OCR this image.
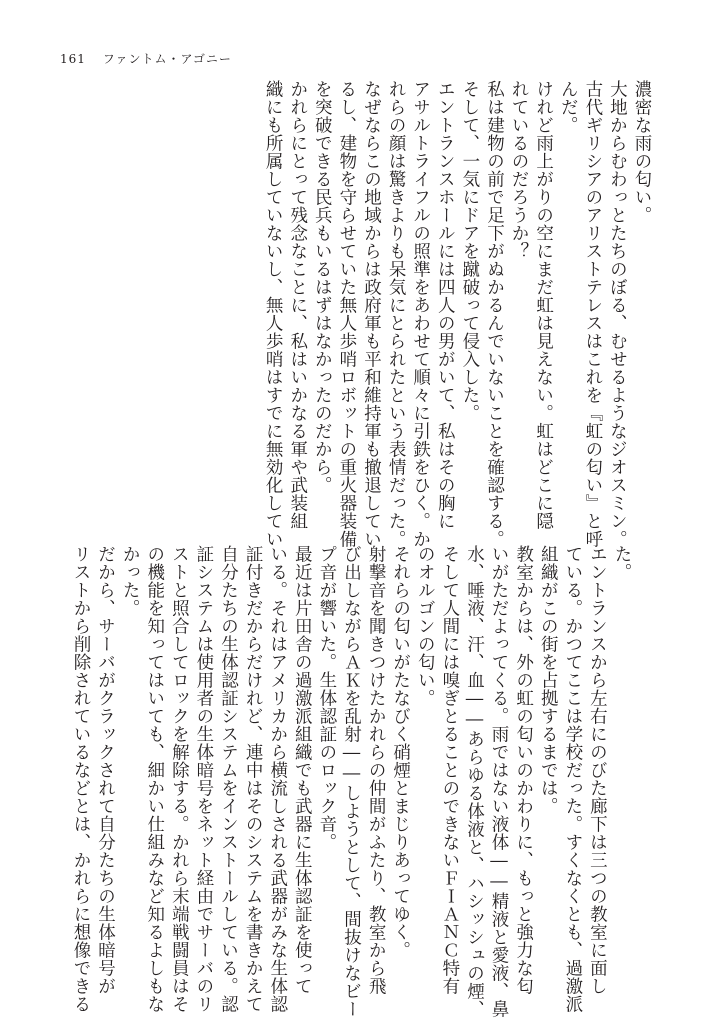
161 ファントム・アゴニー
濃密な雨の匂い。
大地からむわっとたちのぼる、むせるようなジオスミン。
古代ギリシアのアリストテレスはこれを『虹の匂い』と呼
んだ。
けれど雨上がりの空にまだ虹は見えない。虹はどこに隠
れているのだろうか？
私は建物の前で足下がぬかるんでいないことを確認する。
そして、一気にドアを蹴破って侵入した。
エントランスホールには四人の男がいて、私はその胸に
アサルトライフルの照準をあわせて順々に引鉄をひく。か
れらの顔は驚きよりも呆気にとられたという表情だった。
なぜならこの地域からは政府軍も平和維持軍も撤退してい
るし、建物を守らせていた無人歩哨ロボットの重火器装備
を突破できる民兵もいるはずはなかったのだから。
かれらにとって残念なことに、私はいかなる軍や武装組
織にも所属していないし、無人歩哨はすでに無効化してい
た。
エントランスから左右にのびた廊下は三つの教室に面し
ている。かつてここは学校だった。すくなくとも、過激派
組織がこの街を占拠するまでは。
教室からは、外の虹の匂いのかわりに、もっと強力な匂
いがただよってくる。雨ではない液体――精液と愛液、鼻
水、唾液、汗、血――あらゆる体液と、ハシッシュの煙、
そして人間には嗅ぎとることのできないＦＩＡＮＣ特有
のオルゴンの匂い。
それらの匂いがたなびく硝煙とまじりあってゆく。
射撃音を聞きつけたかれらの仲間がふたり、教室から飛
び出しながらＡＫを乱射――しようとして、間抜けなビー
プ音が響いた。生体認証のロック音。
最近は片田舎の過激派組織でも武器に生体認証を使って
いる。それはアメリカから横流しされる武器がみな生体認
証付きだからだけれど、連中はそのシステムを書きかえて
自分たちの生体認証システムをインストールしている。認
証システムは使用者の生体暗号をネット経由でサーバのリ
ストと照合してロックを解除する。かれら末端戦闘員はそ
の機能を知ってはいても、細かい仕組みなど知るよしもな
かった。
だから、サーバがクラックされて自分たちの生体暗号が
リストから削除されているなどとは、かれらに想像できる
